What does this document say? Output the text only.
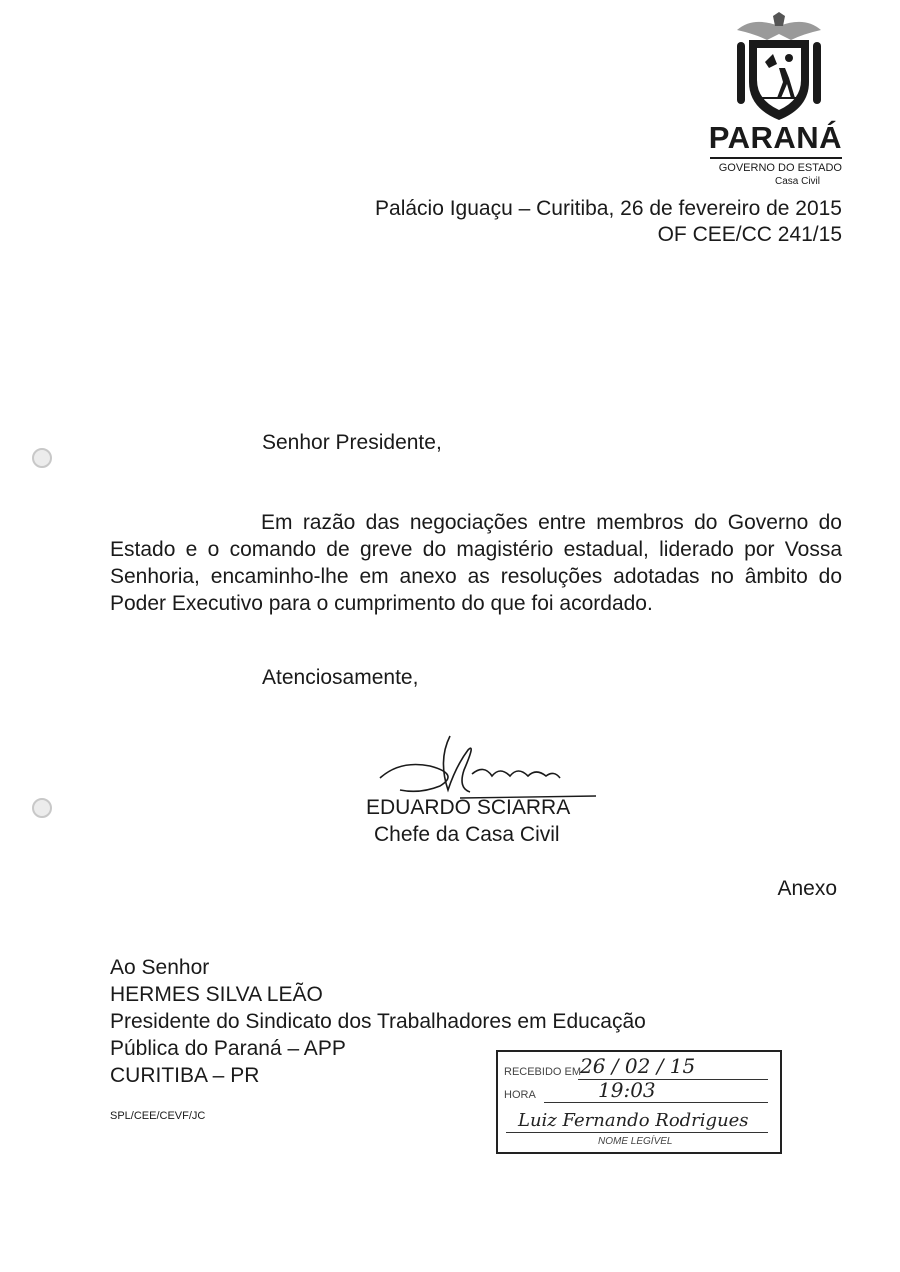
PARANÁ
GOVERNO DO ESTADO
Casa Civil
Palácio Iguaçu – Curitiba, 26 de fevereiro de 2015
OF CEE/CC 241/15
Senhor Presidente,
Em razão das negociações entre membros do Governo do Estado e o comando de greve do magistério estadual, liderado por Vossa Senhoria, encaminho-lhe em anexo as resoluções adotadas no âmbito do Poder Executivo para o cumprimento do que foi acordado.
Atenciosamente,
EDUARDO SCIARRA
Chefe da Casa Civil
Anexo
Ao Senhor
HERMES SILVA LEÃO
Presidente do Sindicato dos Trabalhadores em Educação
Pública do Paraná – APP
CURITIBA – PR
SPL/CEE/CEVF/JC
RECEBIDO EM
26 / 02 / 15
HORA	19:03
Luiz Fernando Rodrigues
NOME LEGÍVEL
